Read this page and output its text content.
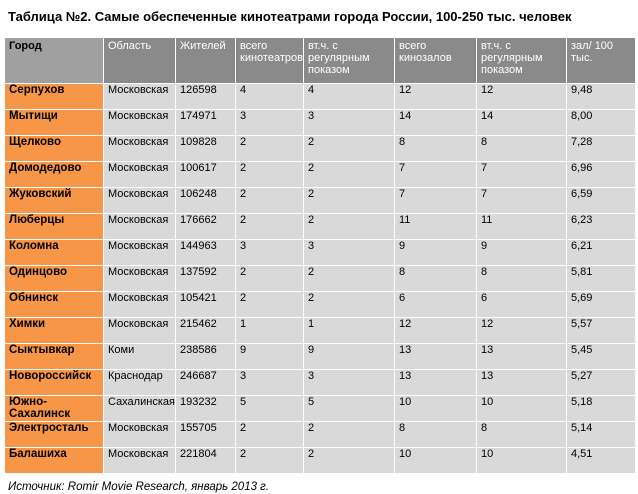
Таблица №2. Самые обеспеченные кинотеатрами города России, 100-250 тыс. человек
Город	Область	Жителей	всего кинотеатров	вт.ч. с регулярным показом	всего кинозалов	вт.ч. с регулярным показом	зал/ 100 тыс.
Серпухов	Московская	126598	4	4	12	12	9,48
Мытищи	Московская	174971	3	3	14	14	8,00
Щелково	Московская	109828	2	2	8	8	7,28
Домодедово	Московская	100617	2	2	7	7	6,96
Жуковский	Московская	106248	2	2	7	7	6,59
Люберцы	Московская	176662	2	2	11	11	6,23
Коломна	Московская	144963	3	3	9	9	6,21
Одинцово	Московская	137592	2	2	8	8	5,81
Обнинск	Московская	105421	2	2	6	6	5,69
Химки	Московская	215462	1	1	12	12	5,57
Сыктывкар	Коми	238586	9	9	13	13	5,45
Новороссийск	Краснодар	246687	3	3	13	13	5,27
Южно-Сахалинск	Сахалинская	193232	5	5	10	10	5,18
Электросталь	Московская	155705	2	2	8	8	5,14
Балашиха	Московская	221804	2	2	10	10	4,51
Источник: Romir Movie Research, январь 2013 г.
